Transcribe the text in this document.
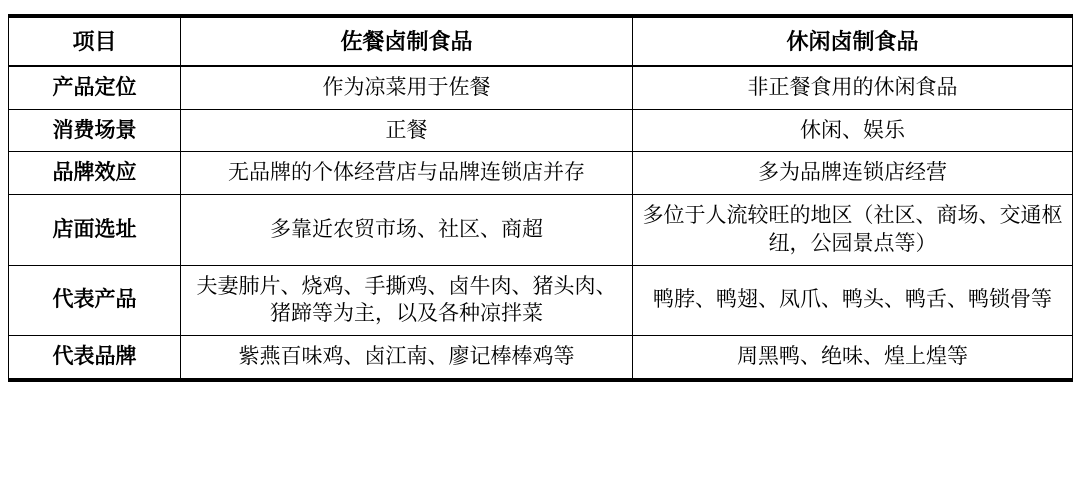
项目	佐餐卤制食品	休闲卤制食品
产品定位	作为凉菜用于佐餐	非正餐食用的休闲食品
消费场景	正餐	休闲、娱乐
品牌效应	无品牌的个体经营店与品牌连锁店并存	多为品牌连锁店经营
店面选址	多靠近农贸市场、社区、商超	多位于人流较旺的地区（社区、商场、交通枢纽，公园景点等）
代表产品	夫妻肺片、烧鸡、手撕鸡、卤牛肉、猪头肉、猪蹄等为主，以及各种凉拌菜	鸭脖、鸭翅、凤爪、鸭头、鸭舌、鸭锁骨等
代表品牌	紫燕百味鸡、卤江南、廖记棒棒鸡等	周黑鸭、绝味、煌上煌等
